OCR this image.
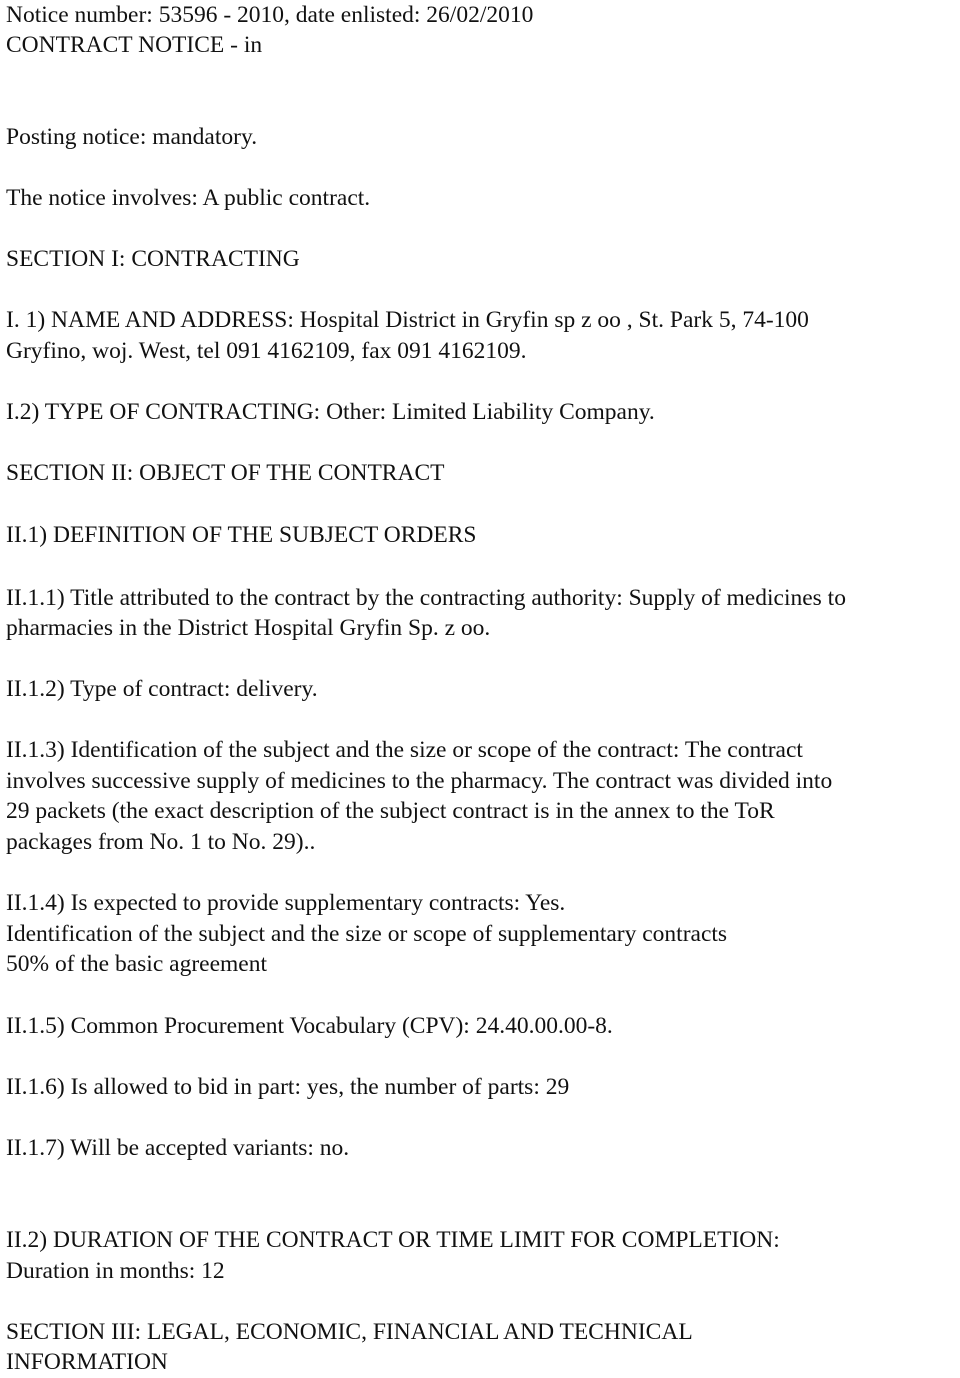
Notice number: 53596 - 2010, date enlisted: 26/02/2010
CONTRACT NOTICE - in
Posting notice: mandatory.
The notice involves: A public contract.
SECTION I: CONTRACTING
I. 1) NAME AND ADDRESS: Hospital District in Gryfin sp z oo , St. Park 5, 74-100
Gryfino, woj. West, tel 091 4162109, fax 091 4162109.
I.2) TYPE OF CONTRACTING: Other: Limited Liability Company.
SECTION II: OBJECT OF THE CONTRACT
II.1) DEFINITION OF THE SUBJECT ORDERS
II.1.1) Title attributed to the contract by the contracting authority: Supply of medicines to
pharmacies in the District Hospital Gryfin Sp. z oo.
II.1.2) Type of contract: delivery.
II.1.3) Identification of the subject and the size or scope of the contract: The contract
involves successive supply of medicines to the pharmacy. The contract was divided into
29 packets (the exact description of the subject contract is in the annex to the ToR
packages from No. 1 to No. 29)..
II.1.4) Is expected to provide supplementary contracts: Yes.
Identification of the subject and the size or scope of supplementary contracts
50% of the basic agreement
II.1.5) Common Procurement Vocabulary (CPV): 24.40.00.00-8.
II.1.6) Is allowed to bid in part: yes, the number of parts: 29
II.1.7) Will be accepted variants: no.
II.2) DURATION OF THE CONTRACT OR TIME LIMIT FOR COMPLETION:
Duration in months: 12
SECTION III: LEGAL, ECONOMIC, FINANCIAL AND TECHNICAL
INFORMATION
